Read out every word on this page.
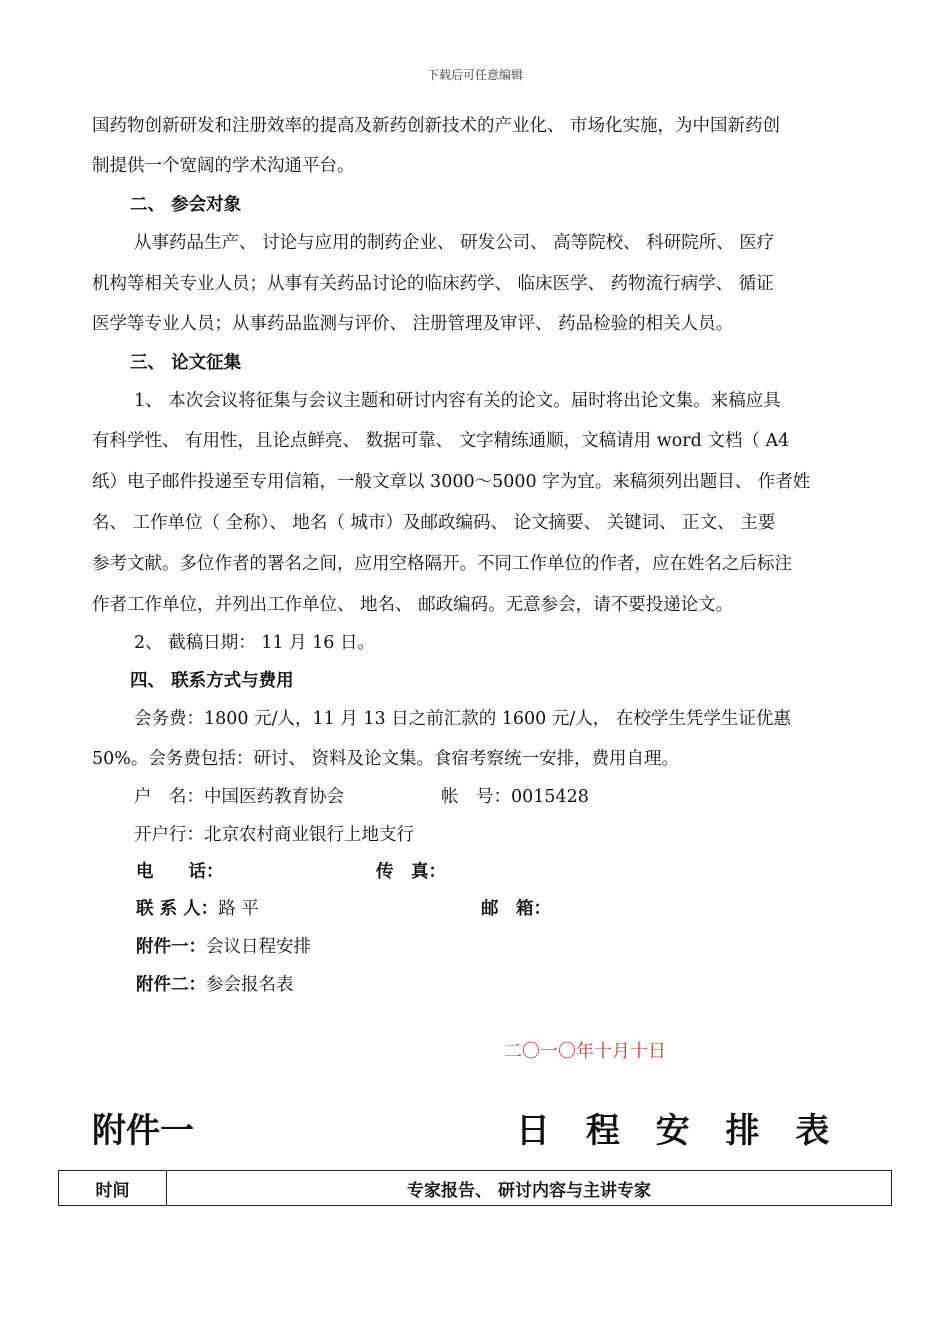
下载后可任意编辑
国药物创新研发和注册效率的提高及新药创新技术的产业化、 市场化实施，为中国新药创
制提供一个宽阔的学术沟通平台。
二、 参会对象
从事药品生产、 讨论与应用的制药企业、 研发公司、 高等院校、 科研院所、 医疗
机构等相关专业人员；从事有关药品讨论的临床药学、 临床医学、 药物流行病学、 循证
医学等专业人员；从事药品监测与评价、 注册管理及审评、 药品检验的相关人员。
三、 论文征集
1、 本次会议将征集与会议主题和研讨内容有关的论文。届时将出论文集。来稿应具
有科学性、 有用性，且论点鲜亮、 数据可靠、 文字精练通顺，文稿请用 word 文档（ A4
纸）电子邮件投递至专用信箱，一般文章以 3000～5000 字为宜。来稿须列出题目、 作者姓
名、 工作单位（ 全称）、 地名（ 城市）及邮政编码、 论文摘要、 关键词、 正文、 主要
参考文献。多位作者的署名之间，应用空格隔开。不同工作单位的作者，应在姓名之后标注
作者工作单位，并列出工作单位、 地名、 邮政编码。无意参会，请不要投递论文。
2、 截稿日期： 11 月 16 日。
四、 联系方式与费用
会务费：1800 元/人，11 月 13 日之前汇款的 1600 元/人， 在校学生凭学生证优惠
50%。会务费包括：研讨、 资料及论文集。食宿考察统一安排，费用自理。
户　名：中国医药教育协会	帐　号：0015428
开户行：北京农村商业银行上地支行
电　　话：	传　真：
联 系 人：路 平	邮　箱：
附件一：会议日程安排
附件二：参会报名表
二〇一〇年十月十日
附件一	日 程 安 排 表
时间	专家报告、 研讨内容与主讲专家
